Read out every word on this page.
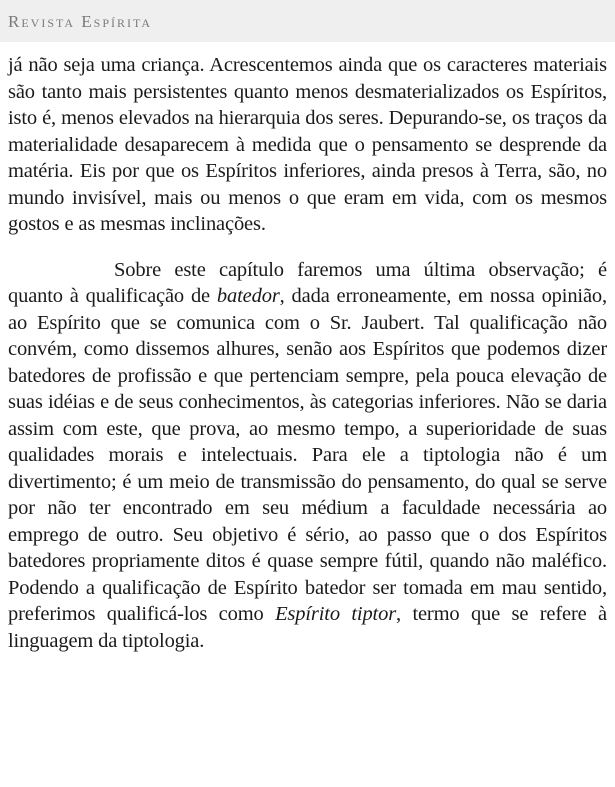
Revista Espírita

já não seja uma criança. Acrescentemos ainda que os caracteres materiais são tanto mais persistentes quanto menos desmaterializados os Espíritos, isto é, menos elevados na hierarquia dos seres. Depurando-se, os traços da materialidade desaparecem à medida que o pensamento se desprende da matéria. Eis por que os Espíritos inferiores, ainda presos à Terra, são, no mundo invisível, mais ou menos o que eram em vida, com os mesmos gostos e as mesmas inclinações.

Sobre este capítulo faremos uma última observação; é quanto à qualificação de batedor, dada erroneamente, em nossa opinião, ao Espírito que se comunica com o Sr. Jaubert. Tal qualificação não convém, como dissemos alhures, senão aos Espíritos que podemos dizer batedores de profissão e que pertenciam sempre, pela pouca elevação de suas idéias e de seus conhecimentos, às categorias inferiores. Não se daria assim com este, que prova, ao mesmo tempo, a superioridade de suas qualidades morais e intelectuais. Para ele a tiptologia não é um divertimento; é um meio de transmissão do pensamento, do qual se serve por não ter encontrado em seu médium a faculdade necessária ao emprego de outro. Seu objetivo é sério, ao passo que o dos Espíritos batedores propriamente ditos é quase sempre fútil, quando não maléfico. Podendo a qualificação de Espírito batedor ser tomada em mau sentido, preferimos qualificá-los como Espírito tiptor, termo que se refere à linguagem da tiptologia.
